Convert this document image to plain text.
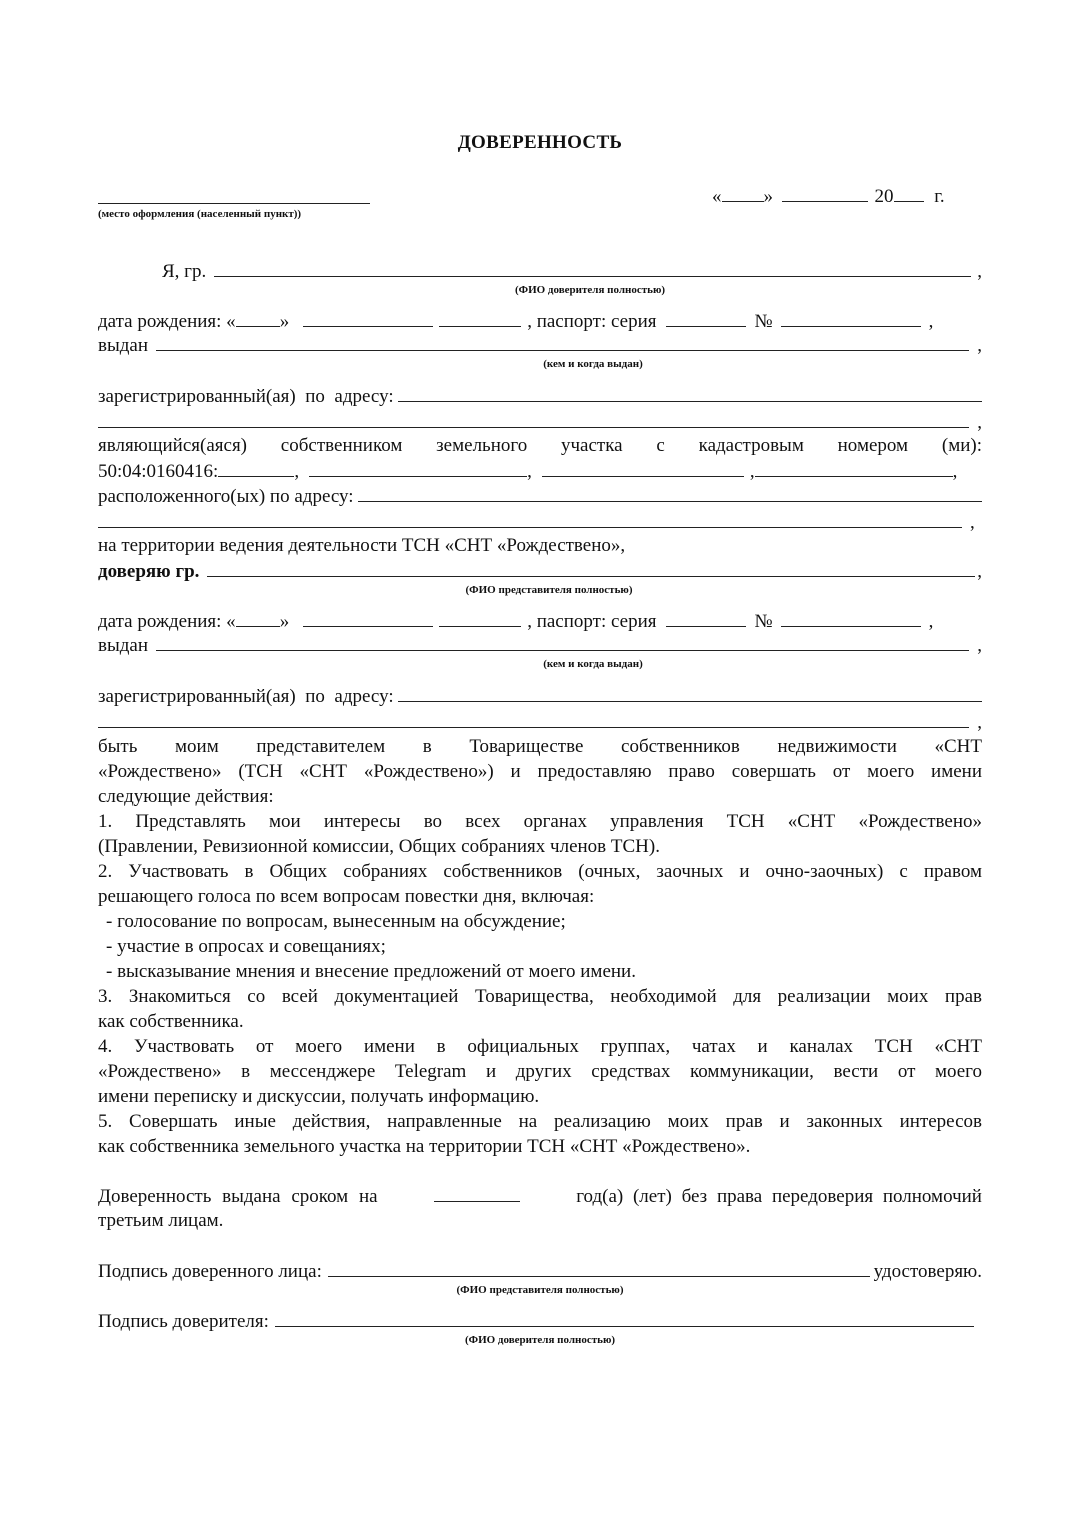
ДОВЕРЕННОСТЬ
(место оформления (населенный пункт))
« »	20 г.
Я, гр.	,
(ФИО доверителя полностью)
дата рождения: « »	, паспорт: серия	№	,
выдан	,
(кем и когда выдан)
зарегистрированный(ая)  по  адресу:
,
являющийся(аяся) собственником земельного участка с кадастровым номером (ми):
50:04:0160416:	,	,	,	,
расположенного(ых) по адресу:
,
на территории ведения деятельности ТСН «СНТ «Рождествено»,
доверяю гр.	,
(ФИО представителя полностью)
дата рождения: « »	, паспорт: серия	№	,
выдан	,
(кем и когда выдан)
зарегистрированный(ая)  по  адресу:
,
быть моим представителем в Товариществе собственников недвижимости «СНТ
«Рождествено» (ТСН «СНТ «Рождествено») и предоставляю право совершать от моего имени
следующие действия:
1. Представлять мои интересы во всех органах управления ТСН «СНТ «Рождествено»
(Правлении, Ревизионной комиссии, Общих собраниях членов ТСН).
2. Участвовать в Общих собраниях собственников (очных, заочных и очно-заочных) с правом
решающего голоса по всем вопросам повестки дня, включая:
- голосование по вопросам, вынесенным на обсуждение;
- участие в опросах и совещаниях;
- высказывание мнения и внесение предложений от моего имени.
3. Знакомиться со всей документацией Товарищества, необходимой для реализации моих прав
как собственника.
4. Участвовать от моего имени в официальных группах, чатах и каналах ТСН «СНТ
«Рождествено» в мессенджере Telegram и других средствах коммуникации, вести от моего
имени переписку и дискуссии, получать информацию.
5. Совершать иные действия, направленные на реализацию моих прав и законных интересов
как собственника земельного участка на территории ТСН «СНТ «Рождествено».
Доверенность выдана сроком на	год(а) (лет) без права передоверия полномочий
третьим лицам.
Подпись доверенного лица:	удостоверяю.
(ФИО представителя полностью)
Подпись доверителя:
(ФИО доверителя полностью)
